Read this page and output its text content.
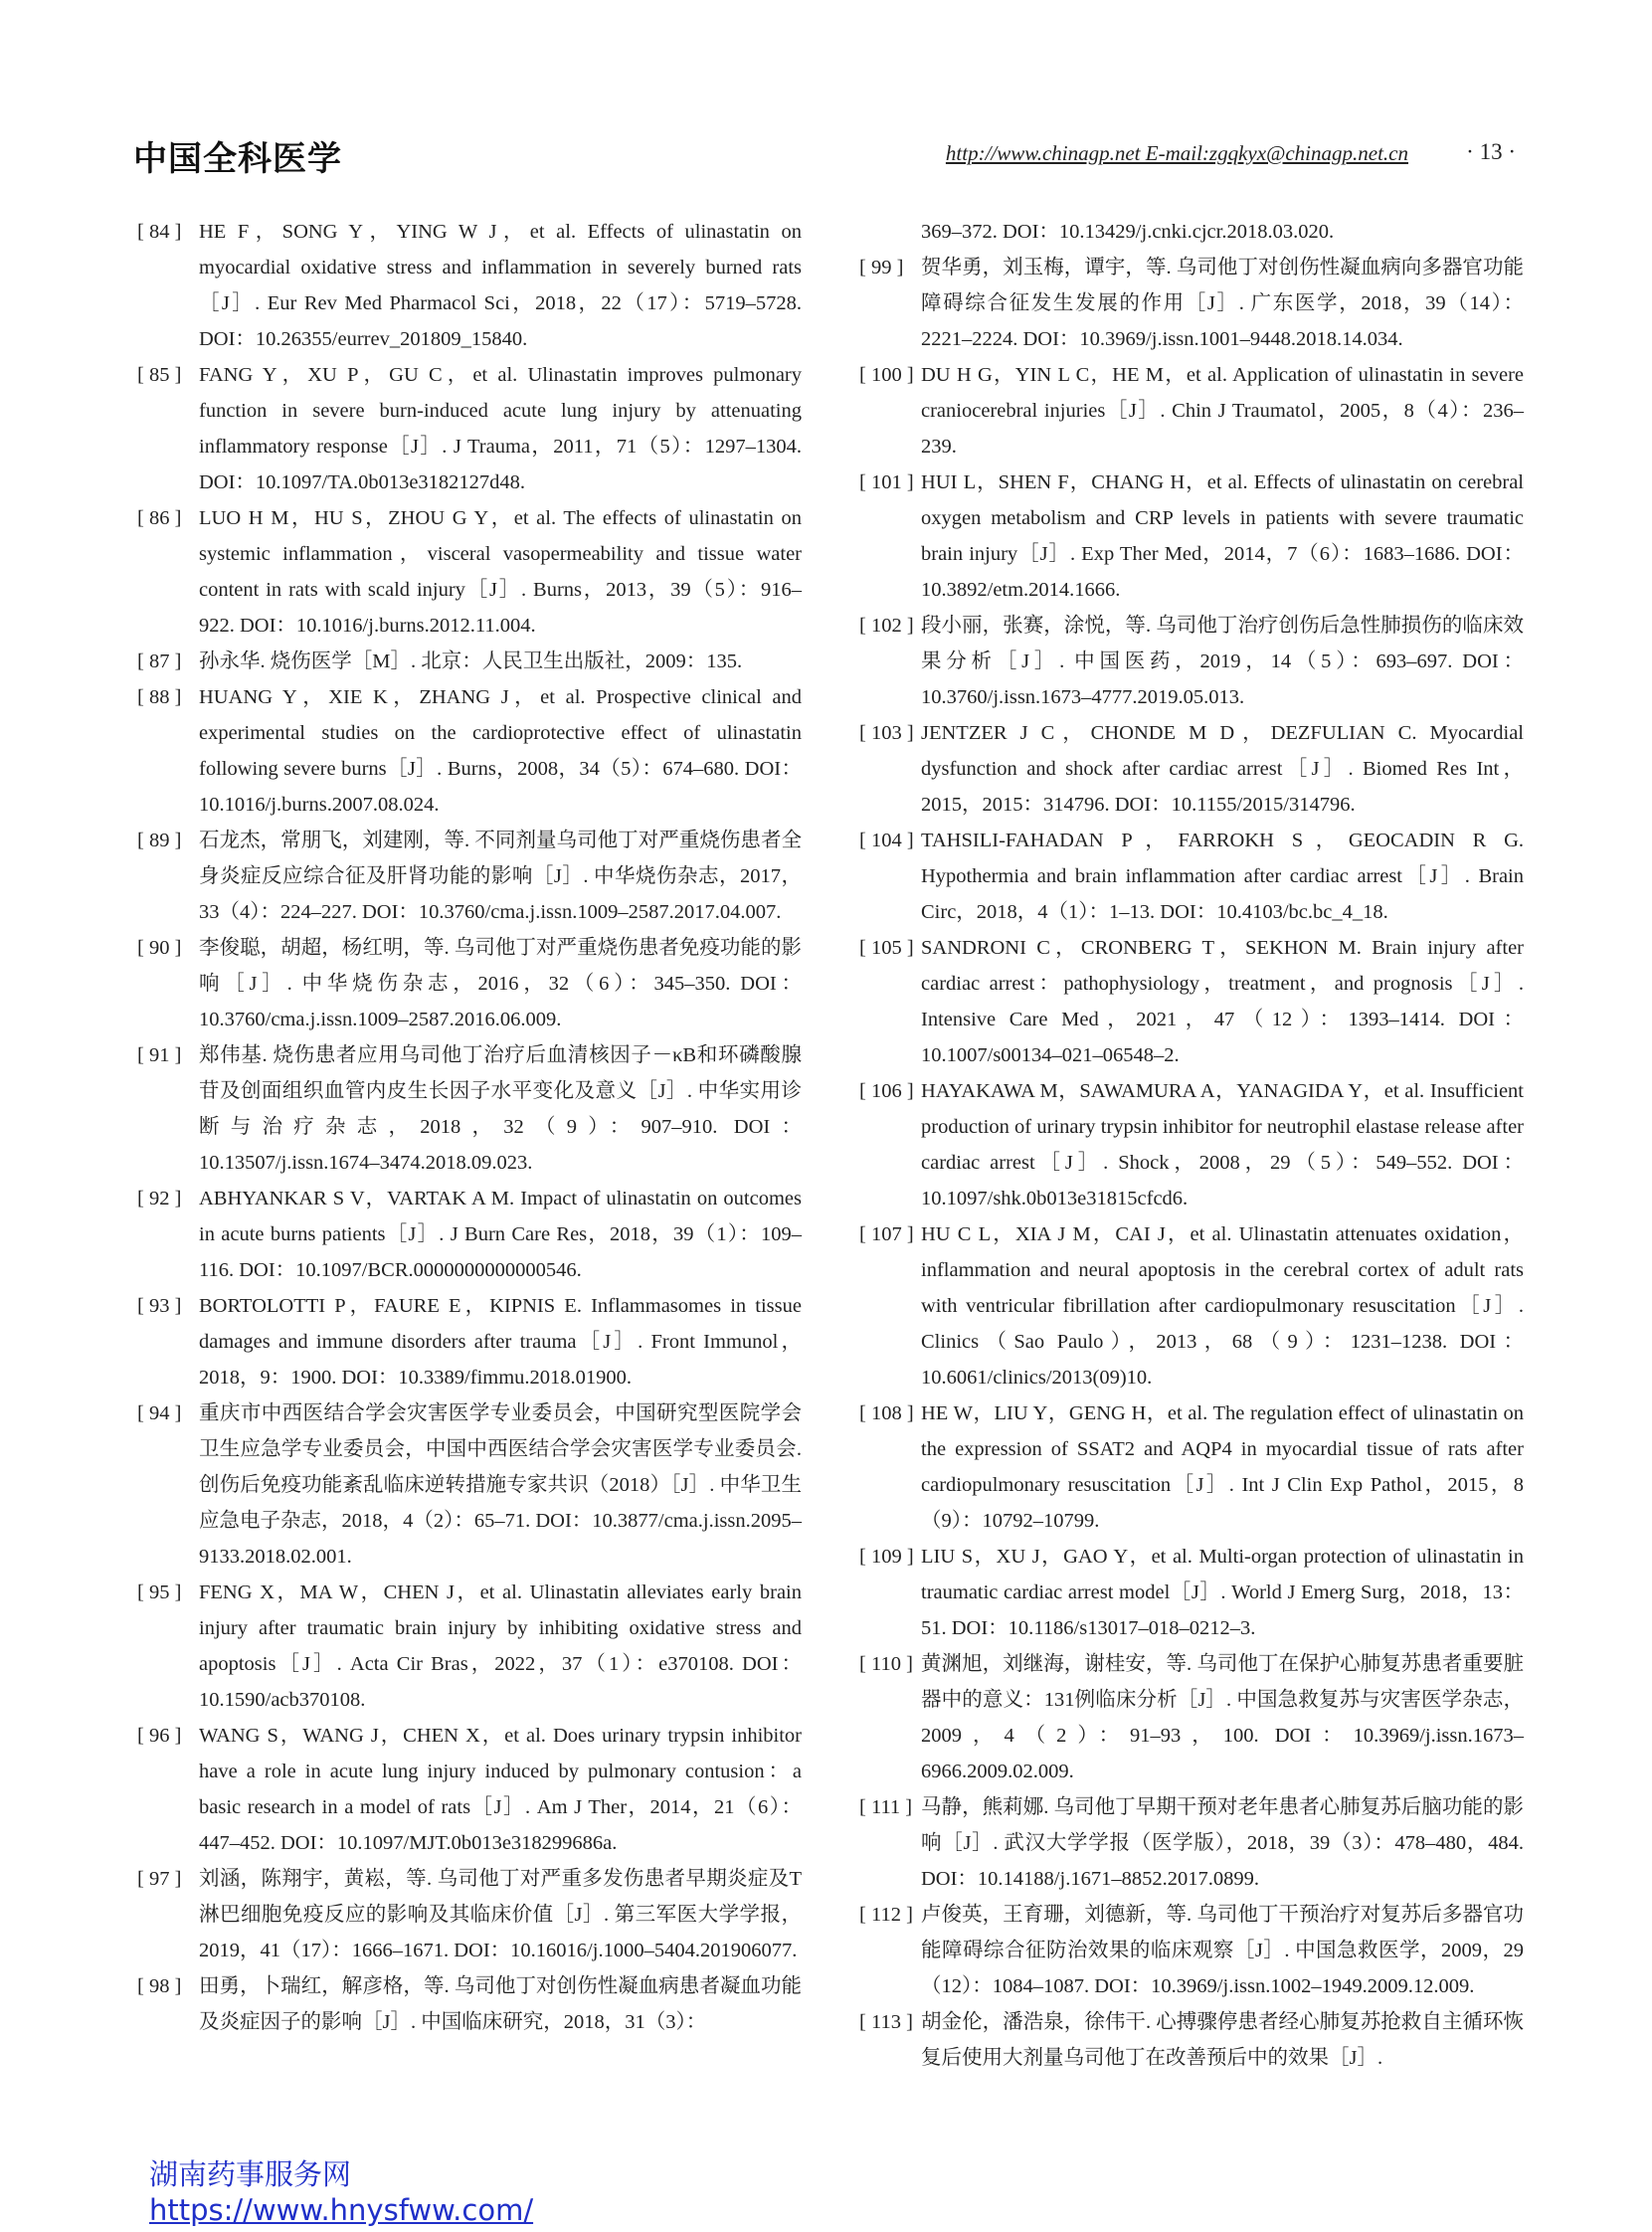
中国全科医学	http://www.chinagp.net E-mail:zgqkyx@chinagp.net.cn	· 13 ·

[ 84 ] HE F，SONG Y，YING W J，et al. Effects of ulinastatin on myocardial oxidative stress and inflammation in severely burned rats［J］. Eur Rev Med Pharmacol Sci，2018，22（17）：5719–5728. DOI：10.26355/eurrev_201809_15840.

[ 85 ] FANG Y，XU P，GU C，et al. Ulinastatin improves pulmonary function in severe burn-induced acute lung injury by attenuating inflammatory response［J］. J Trauma，2011，71（5）：1297–1304. DOI：10.1097/TA.0b013e3182127d48.

[ 86 ] LUO H M，HU S，ZHOU G Y，et al. The effects of ulinastatin on systemic inflammation，visceral vasopermeability and tissue water content in rats with scald injury［J］. Burns，2013，39（5）：916–922. DOI：10.1016/j.burns.2012.11.004.

[ 87 ] 孙永华. 烧伤医学［M］. 北京：人民卫生出版社，2009：135.

[ 88 ] HUANG Y，XIE K，ZHANG J，et al. Prospective clinical and experimental studies on the cardioprotective effect of ulinastatin following severe burns［J］. Burns，2008，34（5）：674–680. DOI：10.1016/j.burns.2007.08.024.

[ 89 ] 石龙杰，常朋飞，刘建刚，等. 不同剂量乌司他丁对严重烧伤患者全身炎症反应综合征及肝肾功能的影响［J］. 中华烧伤杂志，2017，33（4）：224–227. DOI：10.3760/cma.j.issn.1009–2587.2017.04.007.

[ 90 ] 李俊聪，胡超，杨红明，等. 乌司他丁对严重烧伤患者免疫功能的影响［J］. 中华烧伤杂志，2016，32（6）：345–350. DOI：10.3760/cma.j.issn.1009–2587.2016.06.009.

[ 91 ] 郑伟基. 烧伤患者应用乌司他丁治疗后血清核因子－κB和环磷酸腺苷及创面组织血管内皮生长因子水平变化及意义［J］. 中华实用诊断与治疗杂志，2018，32（9）：907–910. DOI：10.13507/j.issn.1674–3474.2018.09.023.

[ 92 ] ABHYANKAR S V，VARTAK A M. Impact of ulinastatin on outcomes in acute burns patients［J］. J Burn Care Res，2018，39（1）：109–116. DOI：10.1097/BCR.0000000000000546.

[ 93 ] BORTOLOTTI P，FAURE E，KIPNIS E. Inflammasomes in tissue damages and immune disorders after trauma［J］. Front Immunol，2018，9：1900. DOI：10.3389/fimmu.2018.01900.

[ 94 ] 重庆市中西医结合学会灾害医学专业委员会，中国研究型医院学会卫生应急学专业委员会，中国中西医结合学会灾害医学专业委员会. 创伤后免疫功能紊乱临床逆转措施专家共识（2018）［J］. 中华卫生应急电子杂志，2018，4（2）：65–71. DOI：10.3877/cma.j.issn.2095–9133.2018.02.001.

[ 95 ] FENG X，MA W，CHEN J，et al. Ulinastatin alleviates early brain injury after traumatic brain injury by inhibiting oxidative stress and apoptosis［J］. Acta Cir Bras，2022，37（1）：e370108. DOI：10.1590/acb370108.

[ 96 ] WANG S，WANG J，CHEN X，et al. Does urinary trypsin inhibitor have a role in acute lung injury induced by pulmonary contusion：a basic research in a model of rats［J］. Am J Ther，2014，21（6）：447–452. DOI：10.1097/MJT.0b013e318299686a.

[ 97 ] 刘涵，陈翔宇，黄崧，等. 乌司他丁对严重多发伤患者早期炎症及T淋巴细胞免疫反应的影响及其临床价值［J］. 第三军医大学学报，2019，41（17）：1666–1671. DOI：10.16016/j.1000–5404.201906077.

[ 98 ] 田勇，卜瑞红，解彦格，等. 乌司他丁对创伤性凝血病患者凝血功能及炎症因子的影响［J］. 中国临床研究，2018，31（3）：

369–372. DOI：10.13429/j.cnki.cjcr.2018.03.020.

[ 99 ] 贺华勇，刘玉梅，谭宇，等. 乌司他丁对创伤性凝血病向多器官功能障碍综合征发生发展的作用［J］. 广东医学，2018，39（14）：2221–2224. DOI：10.3969/j.issn.1001–9448.2018.14.034.

[ 100 ] DU H G，YIN L C，HE M，et al. Application of ulinastatin in severe craniocerebral injuries［J］. Chin J Traumatol，2005，8（4）：236–239.

[ 101 ] HUI L，SHEN F，CHANG H，et al. Effects of ulinastatin on cerebral oxygen metabolism and CRP levels in patients with severe traumatic brain injury［J］. Exp Ther Med，2014，7（6）：1683–1686. DOI：10.3892/etm.2014.1666.

[ 102 ] 段小丽，张赛，涂悦，等. 乌司他丁治疗创伤后急性肺损伤的临床效果分析［J］. 中国医药，2019，14（5）：693–697. DOI：10.3760/j.issn.1673–4777.2019.05.013.

[ 103 ] JENTZER J C，CHONDE M D，DEZFULIAN C. Myocardial dysfunction and shock after cardiac arrest［J］. Biomed Res Int，2015，2015：314796. DOI：10.1155/2015/314796.

[ 104 ] TAHSILI-FAHADAN P，FARROKH S，GEOCADIN R G. Hypothermia and brain inflammation after cardiac arrest［J］. Brain Circ，2018，4（1）：1–13. DOI：10.4103/bc.bc_4_18.

[ 105 ] SANDRONI C，CRONBERG T，SEKHON M. Brain injury after cardiac arrest：pathophysiology，treatment，and prognosis［J］. Intensive Care Med，2021，47（12）：1393–1414. DOI：10.1007/s00134–021–06548–2.

[ 106 ] HAYAKAWA M，SAWAMURA A，YANAGIDA Y，et al. Insufficient production of urinary trypsin inhibitor for neutrophil elastase release after cardiac arrest［J］. Shock，2008，29（5）：549–552. DOI：10.1097/shk.0b013e31815cfcd6.

[ 107 ] HU C L，XIA J M，CAI J，et al. Ulinastatin attenuates oxidation，inflammation and neural apoptosis in the cerebral cortex of adult rats with ventricular fibrillation after cardiopulmonary resuscitation［J］. Clinics（Sao Paulo），2013，68（9）：1231–1238. DOI：10.6061/clinics/2013(09)10.

[ 108 ] HE W，LIU Y，GENG H，et al. The regulation effect of ulinastatin on the expression of SSAT2 and AQP4 in myocardial tissue of rats after cardiopulmonary resuscitation［J］. Int J Clin Exp Pathol，2015，8（9）：10792–10799.

[ 109 ] LIU S，XU J，GAO Y，et al. Multi-organ protection of ulinastatin in traumatic cardiac arrest model［J］. World J Emerg Surg，2018，13：51. DOI：10.1186/s13017–018–0212–3.

[ 110 ] 黄渊旭，刘继海，谢桂安，等. 乌司他丁在保护心肺复苏患者重要脏器中的意义：131例临床分析［J］. 中国急救复苏与灾害医学杂志，2009，4（2）：91–93，100. DOI：10.3969/j.issn.1673–6966.2009.02.009.

[ 111 ] 马静，熊莉娜. 乌司他丁早期干预对老年患者心肺复苏后脑功能的影响［J］. 武汉大学学报（医学版），2018，39（3）：478–480，484. DOI：10.14188/j.1671–8852.2017.0899.

[ 112 ] 卢俊英，王育珊，刘德新，等. 乌司他丁干预治疗对复苏后多器官功能障碍综合征防治效果的临床观察［J］. 中国急救医学，2009，29（12）：1084–1087. DOI：10.3969/j.issn.1002–1949.2009.12.009.

[ 113 ] 胡金伦，潘浩泉，徐伟干. 心搏骤停患者经心肺复苏抢救自主循环恢复后使用大剂量乌司他丁在改善预后中的效果［J］.

湖南药事服务网
https://www.hnysfww.com/
